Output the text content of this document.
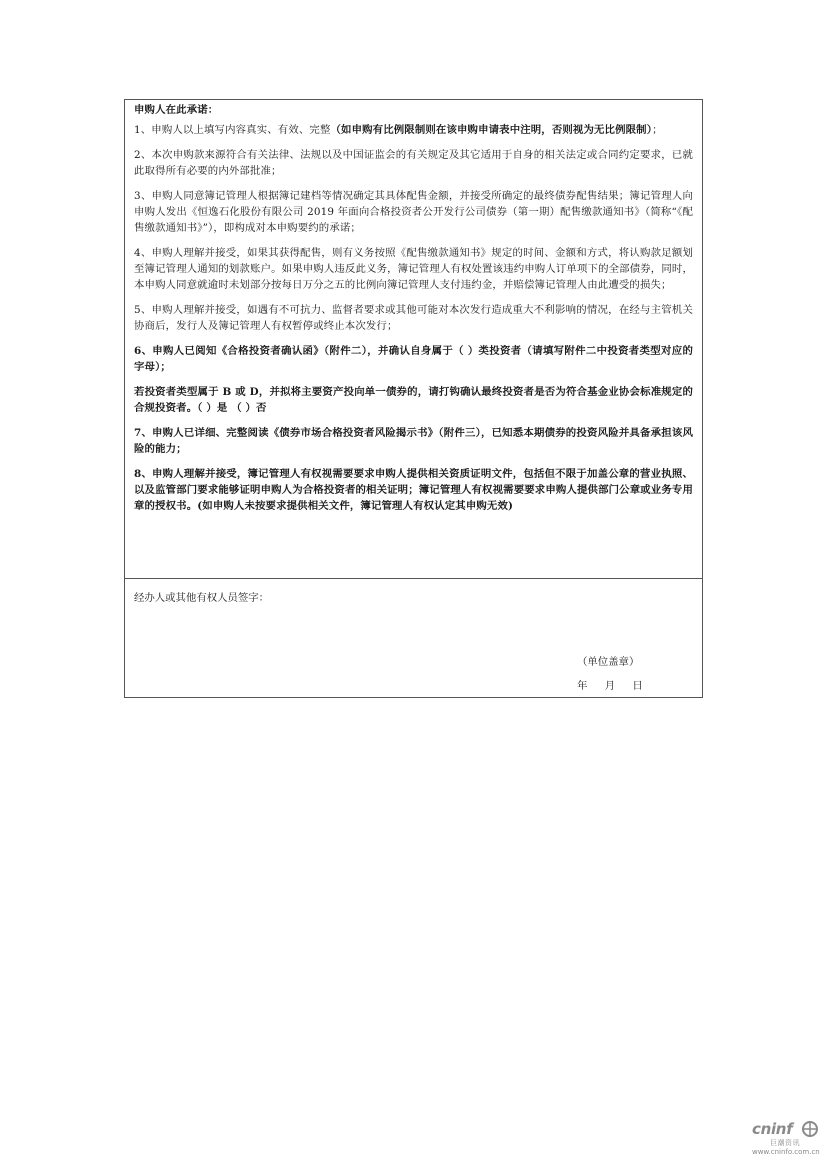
申购人在此承诺：

1、申购人以上填写内容真实、有效、完整（如申购有比例限制则在该申购申请表中注明，否则视为无比例限制）；

2、本次申购款来源符合有关法律、法规以及中国证监会的有关规定及其它适用于自身的相关法定或合同约定要求，已就此取得所有必要的内外部批准；

3、申购人同意簿记管理人根据簿记建档等情况确定其具体配售金额，并接受所确定的最终债券配售结果；簿记管理人向申购人发出《恒逸石化股份有限公司 2019 年面向合格投资者公开发行公司债券（第一期）配售缴款通知书》（简称“《配售缴款通知书》”），即构成对本申购要约的承诺；

4、申购人理解并接受，如果其获得配售，则有义务按照《配售缴款通知书》规定的时间、金额和方式，将认购款足额划至簿记管理人通知的划款账户。如果申购人违反此义务，簿记管理人有权处置该违约申购人订单项下的全部债券，同时，本申购人同意就逾时未划部分按每日万分之五的比例向簿记管理人支付违约金，并赔偿簿记管理人由此遭受的损失；

5、申购人理解并接受，如遇有不可抗力、监督者要求或其他可能对本次发行造成重大不利影响的情况，在经与主管机关协商后，发行人及簿记管理人有权暂停或终止本次发行；

6、申购人已阅知《合格投资者确认函》（附件二），并确认自身属于（ ）类投资者（请填写附件二中投资者类型对应的字母）；

若投资者类型属于 B 或 D，并拟将主要资产投向单一债券的，请打钩确认最终投资者是否为符合基金业协会标准规定的合规投资者。（ ）是 （ ）否

7、申购人已详细、完整阅读《债券市场合格投资者风险揭示书》（附件三），已知悉本期债券的投资风险并具备承担该风险的能力；

8、申购人理解并接受，簿记管理人有权视需要要求申购人提供相关资质证明文件，包括但不限于加盖公章的营业执照、以及监管部门要求能够证明申购人为合格投资者的相关证明；簿记管理人有权视需要要求申购人提供部门公章或业务专用章的授权书。(如申购人未按要求提供相关文件，簿记管理人有权认定其申购无效)

经办人或其他有权人员签字：
（单位盖章）
年 月 日
cninf
巨潮资讯
www.cninfo.com.cn
